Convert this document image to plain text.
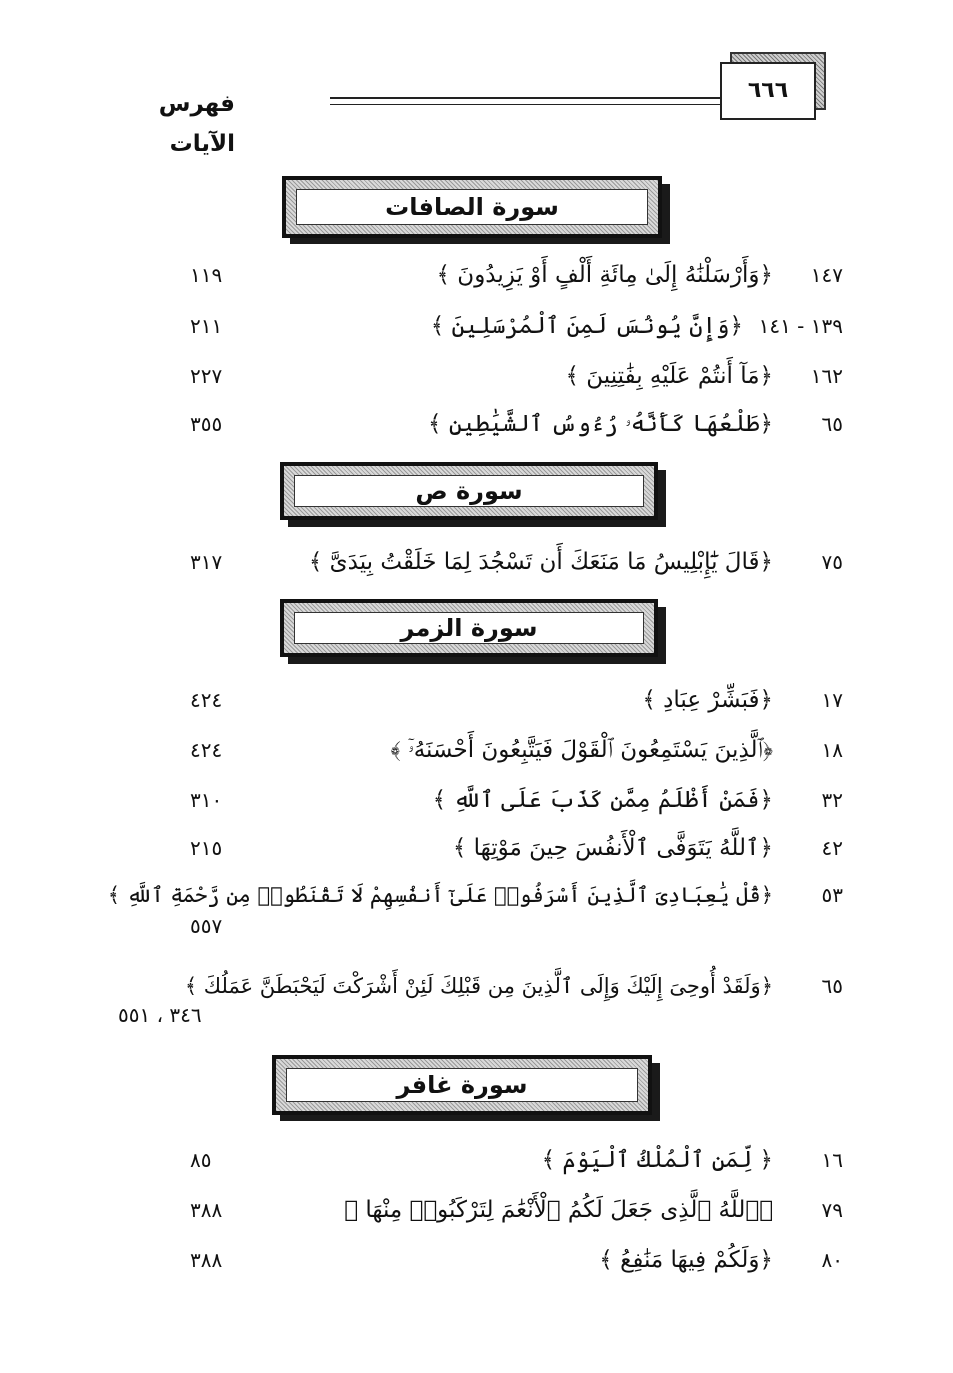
فهرس الآيات
٦٦٦
سورة الصافات
١٤٧
﴿وَأَرْسَلْنَٰهُ إِلَىٰ مِائَةِ أَلْفٍ أَوْ يَزِيدُونَ ﴾
١١٩
١٣٩ - ١٤١
﴿وَإِنَّ يُونُسَ لَمِنَ ٱلْمُرْسَلِينَ ﴾
٢١١
١٦٢
﴿مَآ أَنتُمْ عَلَيْهِ بِفَٰتِنِينَ ﴾
٢٢٧
٦٥
﴿طَلْعُهَا كَأَنَّهُۥ رُءُوسُ ٱلشَّيَٰطِينِ ﴾
٣٥٥
سورة ص
٧٥
﴿قَالَ يَٰٓإِبْلِيسُ مَا مَنَعَكَ أَن تَسْجُدَ لِمَا خَلَقْتُ بِيَدَىَّ ﴾
٣١٧
سورة الزمر
١٧
﴿فَبَشِّرْ عِبَادِ ﴾
٤٢٤
١٨
﴿ٱلَّذِينَ يَسْتَمِعُونَ ٱلْقَوْلَ فَيَتَّبِعُونَ أَحْسَنَهُۥٓ ﴾
٤٢٤
٣٢
﴿فَمَنْ أَظْلَمُ مِمَّن كَذَبَ عَلَى ٱللَّهِ ﴾
٣١٠
٤٢
﴿ٱللَّهُ يَتَوَفَّى ٱلْأَنفُسَ حِينَ مَوْتِهَا ﴾
٢١٥
٥٣
﴿قُلْ يَٰعِبَادِىَ ٱلَّذِينَ أَسْرَفُوا۟ عَلَىٰٓ أَنفُسِهِمْ لَا تَقْنَطُوا۟ مِن رَّحْمَةِ ٱللَّهِ ﴾
٥٥٧
٦٥
﴿وَلَقَدْ أُوحِىَ إِلَيْكَ وَإِلَى ٱلَّذِينَ مِن قَبْلِكَ لَئِنْ أَشْرَكْتَ لَيَحْبَطَنَّ عَمَلُكَ ﴾
٣٤٦ ، ٥٥١
سورة غافر
١٦
﴿ لِّمَنِ ٱلْمُلْكُ ٱلْيَوْمَ ﴾
٨٥
٧٩
﴿ٱللَّهُ ٱلَّذِى جَعَلَ لَكُمُ ٱلْأَنْعَٰمَ لِتَرْكَبُوا۟ مِنْهَا ﴾
٣٨٨
٨٠
﴿وَلَكُمْ فِيهَا مَنَٰفِعُ ﴾
٣٨٨
